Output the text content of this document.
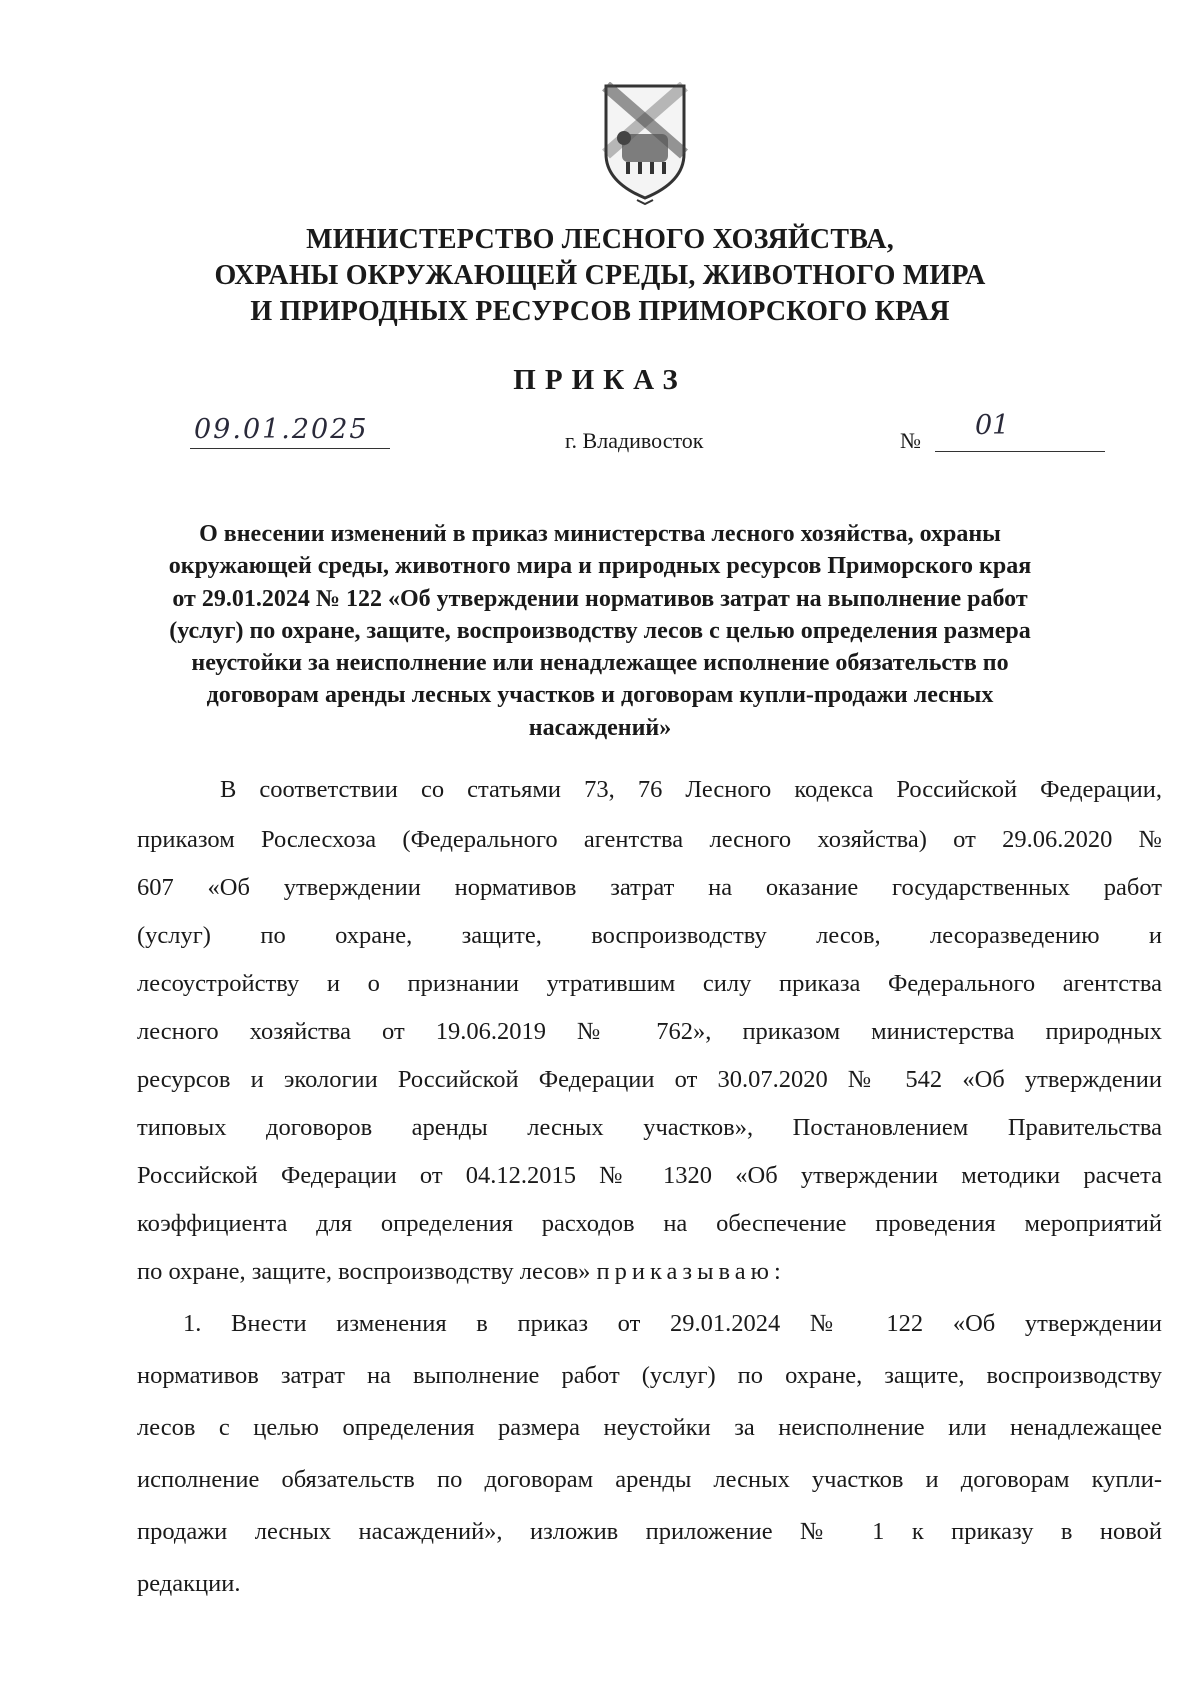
МИНИСТЕРСТВО ЛЕСНОГО ХОЗЯЙСТВА,
ОХРАНЫ ОКРУЖАЮЩЕЙ СРЕДЫ, ЖИВОТНОГО МИРА
И ПРИРОДНЫХ РЕСУРСОВ ПРИМОРСКОГО КРАЯ
ПРИКАЗ
09.01.2025	г. Владивосток	№ 01
О внесении изменений в приказ министерства лесного хозяйства, охраны
окружающей среды, животного мира и природных ресурсов Приморского края
от 29.01.2024 № 122 «Об утверждении нормативов затрат на выполнение работ
(услуг) по охране, защите, воспроизводству лесов с целью определения размера
неустойки за неисполнение или ненадлежащее исполнение обязательств по
договорам аренды лесных участков и договорам купли-продажи лесных
насаждений»
В соответствии со статьями 73, 76 Лесного кодекса Российской Федерации,
приказом Рослесхоза (Федерального агентства лесного хозяйства) от 29.06.2020 №
607 «Об утверждении нормативов затрат на оказание государственных работ
(услуг) по охране, защите, воспроизводству лесов, лесоразведению и
лесоустройству и о признании утратившим силу приказа Федерального агентства
лесного хозяйства от 19.06.2019 № 762», приказом министерства природных
ресурсов и экологии Российской Федерации от 30.07.2020 № 542 «Об утверждении
типовых договоров аренды лесных участков», Постановлением Правительства
Российской Федерации от 04.12.2015 № 1320 «Об утверждении методики расчета
коэффициента для определения расходов на обеспечение проведения мероприятий
по охране, защите, воспроизводству лесов» приказываю:
1. Внести изменения в приказ от 29.01.2024 № 122 «Об утверждении
нормативов затрат на выполнение работ (услуг) по охране, защите, воспроизводству
лесов с целью определения размера неустойки за неисполнение или ненадлежащее
исполнение обязательств по договорам аренды лесных участков и договорам купли-
продажи лесных насаждений», изложив приложение № 1 к приказу в новой
редакции.
